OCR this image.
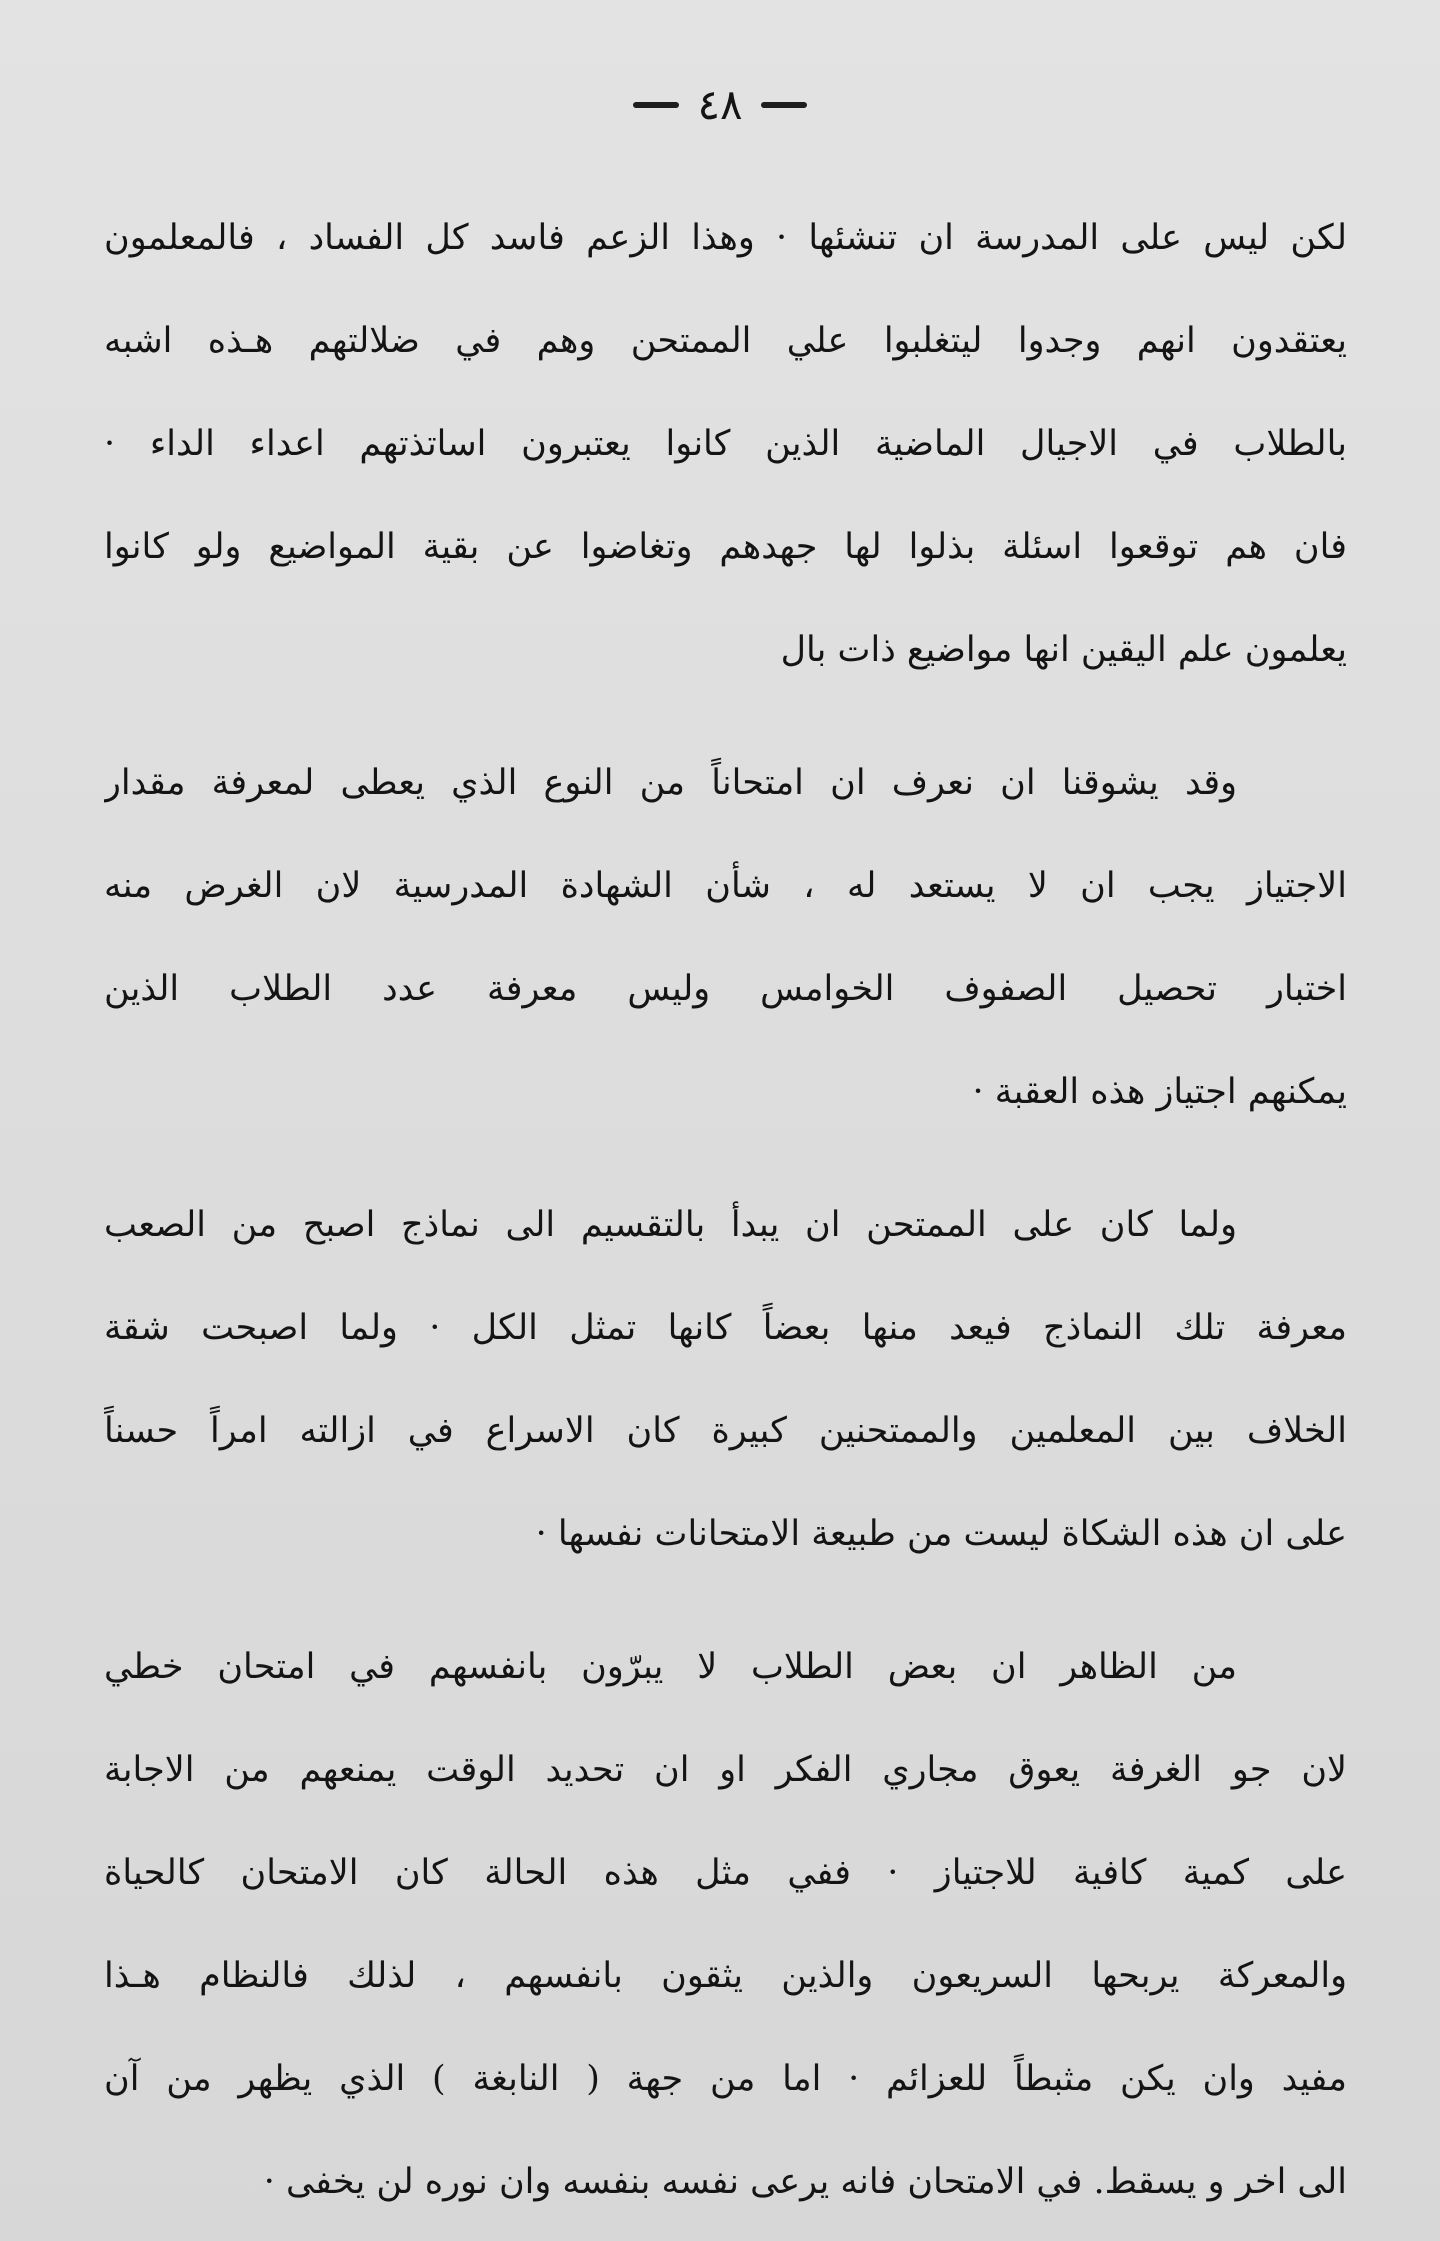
٤٨
لكن ليس على المدرسة ان تنشئها · وهذا الزعم فاسد كل الفساد ، فالمعلمون
يعتقدون انهم وجدوا ليتغلبوا علي الممتحن وهم في ضلالتهم هـذه اشبه
بالطلاب في الاجيال الماضية الذين كانوا يعتبرون اساتذتهم اعداء الداء ·
فان هم توقعوا اسئلة بذلوا لها جهدهم وتغاضوا عن بقية المواضيع ولو كانوا
يعلمون علم اليقين انها مواضيع ذات بال
وقد يشوقنا ان نعرف ان امتحاناً من النوع الذي يعطى لمعرفة مقدار
الاجتياز يجب ان لا يستعد له ، شأن الشهادة المدرسية لان الغرض منه
اختبار تحصيل الصفوف الخوامس وليس معرفة عدد الطلاب الذين
يمكنهم اجتياز هذه العقبة ·
ولما كان على الممتحن ان يبدأ بالتقسيم الى نماذج اصبح من الصعب
معرفة تلك النماذج فيعد منها بعضاً كانها تمثل الكل · ولما اصبحت شقة
الخلاف بين المعلمين والممتحنين كبيرة كان الاسراع في ازالته امراً حسناً
على ان هذه الشكاة ليست من طبيعة الامتحانات نفسها ·
من الظاهر ان بعض الطلاب لا يبرّون بانفسهم في امتحان خطي
لان جو الغرفة يعوق مجاري الفكر او ان تحديد الوقت يمنعهم من الاجابة
على كمية كافية للاجتياز · ففي مثل هذه الحالة كان الامتحان كالحياة
والمعركة يربحها السريعون والذين يثقون بانفسهم ، لذلك فالنظام هـذا
مفيد وان يكن مثبطاً للعزائم · اما من جهة ( النابغة ) الذي يظهر من آن
الى اخر و يسقط. في الامتحان فانه يرعى نفسه بنفسه وان نوره لن يخفى ·
